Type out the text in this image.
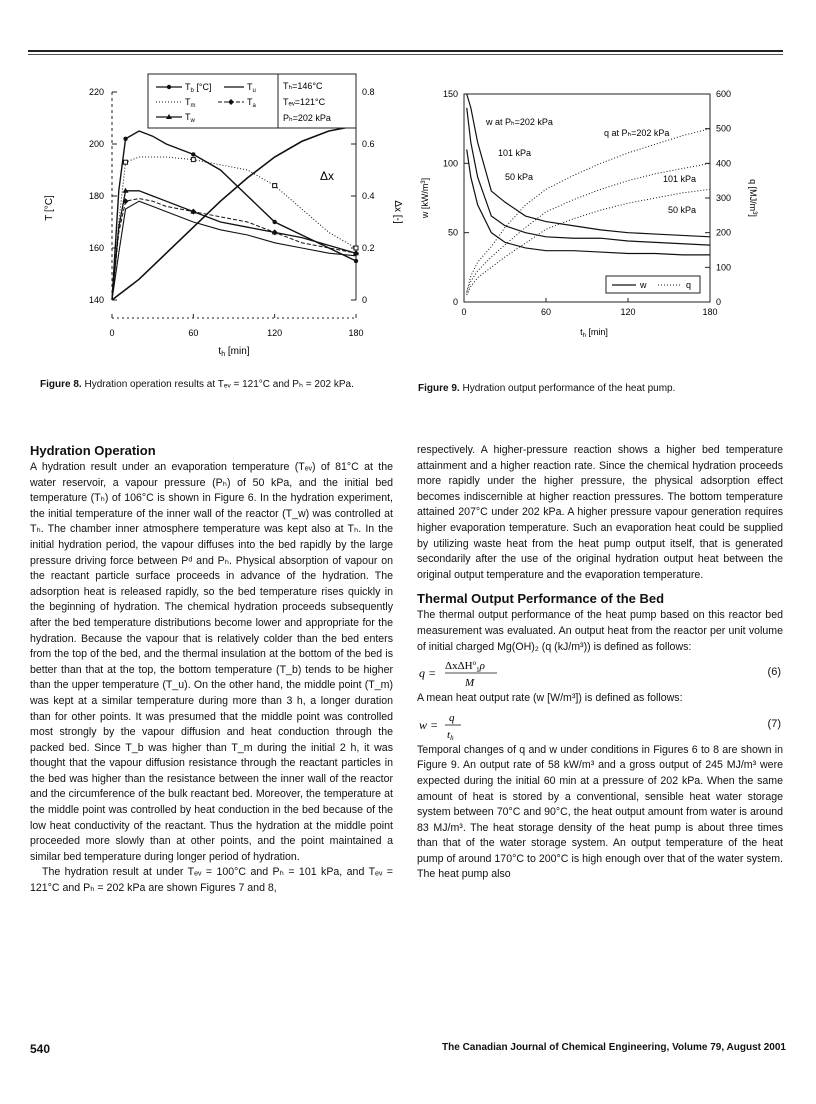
140
160
180
200
220
0
0.2
0.4
0.6
0.8
0	60	120	180
T [°C]	Δx [-]
$t_h$ [min]
Δx
$T_b$ [°C]	$T_u$
$T_m$	$T_a$
$T_w$
Tₕ=146°C
Tₑᵥ=121°C
Pₕ=202 kPa
Figure 8. Hydration operation results at Tₑᵥ = 121°C and Pₕ = 202 kPa.
0
50
100
150
0
100
200
300
400
500
600
0	60	120	180
w $[kW/m^3]$	q $[MJ/m^3]$
$t_h$ [min]
w at Pₕ=202 kPa
101 kPa
50 kPa
q at Pₕ=202 kPa
101 kPa
50 kPa
w	q
Figure 9. Hydration output performance of the heat pump.
Hydration Operation

A hydration result under an evaporation temperature (Tₑᵥ) of 81°C at the water reservoir, a vapour pressure (Pₕ) of 50 kPa, and the initial bed temperature (Tₕ) of 106°C is shown in Figure 6. In the hydration experiment, the initial temperature of the inner wall of the reactor (T_w) was controlled at Tₕ. The chamber inner atmosphere temperature was kept also at Tₕ. In the initial hydration period, the vapour diffuses into the bed rapidly by the large pressure driving force between Pᵈ and Pₕ. Physical absorption of vapour on the reactant particle surface proceeds in advance of the hydration. The adsorption heat is released rapidly, so the bed temperature rises quickly in the beginning of hydration. The chemical hydration proceeds subsequently after the bed temperature distributions become lower and appropriate for the hydration. Because the vapour that is relatively colder than the bed enters from the top of the bed, and the thermal insulation at the bottom of the bed is better than that at the top, the bottom temperature (T_b) tends to be higher than the upper temperature (T_u). On the other hand, the middle point (T_m) was kept at a similar temperature during more than 3 h, a longer duration than for other points. It was presumed that the middle point was controlled most strongly by the vapour diffusion and heat conduction through the packed bed. Since T_b was higher than T_m during the initial 2 h, it was thought that the vapour diffusion resistance through the reactant particles in the bed was higher than the resistance between the inner wall of the reactor and the circumference of the bulk reactant bed. Moreover, the temperature at the middle point was controlled by heat conduction in the bed because of the low heat conductivity of the reactant. Thus the hydration at the middle point proceeded more slowly than at other points, and the point maintained a similar bed temperature during longer period of hydration.

The hydration result at under Tₑᵥ = 100°C and Pₕ = 101 kPa, and Tₑᵥ = 121°C and Pₕ = 202 kPa are shown Figures 7 and 8,

respectively. A higher-pressure reaction shows a higher bed temperature attainment and a higher reaction rate. Since the chemical hydration proceeds more rapidly under the higher pressure, the physical adsorption effect becomes indiscernible at higher reaction pressures. The bottom temperature attained 207°C under 202 kPa. A higher pressure vapour generation requires higher evaporation temperature. Such an evaporation heat could be supplied by utilizing waste heat from the heat pump output itself, that is generated secondarily after the use of the original hydration output heat between the original output temperature and the evaporation temperature.

Thermal Output Performance of the Bed

The thermal output performance of the heat pump based on this reactor bed measurement was evaluated. An output heat from the reactor per unit volume of initial charged Mg(OH)₂ (q (kJ/m³)) is defined as follows:

q = ΔxΔH$^o_1$ρ
M
(6)

A mean heat output rate (w [W/m³]) is defined as follows:

w = q
th
(7)

Temporal changes of q and w under conditions in Figures 6 to 8 are shown in Figure 9. An output rate of 58 kW/m³ and a gross output of 245 MJ/m³ were expected during the initial 60 min at a pressure of 202 kPa. When the same amount of heat is stored by a conventional, sensible heat water storage system between 70°C and 90°C, the heat output amount from water is around 83 MJ/m³. The heat storage density of the heat pump is about three times than that of the water storage system. An output temperature of the heat pump of around 170°C to 200°C is high enough over that of the water system. The heat pump also

540	The Canadian Journal of Chemical Engineering, Volume 79, August 2001
